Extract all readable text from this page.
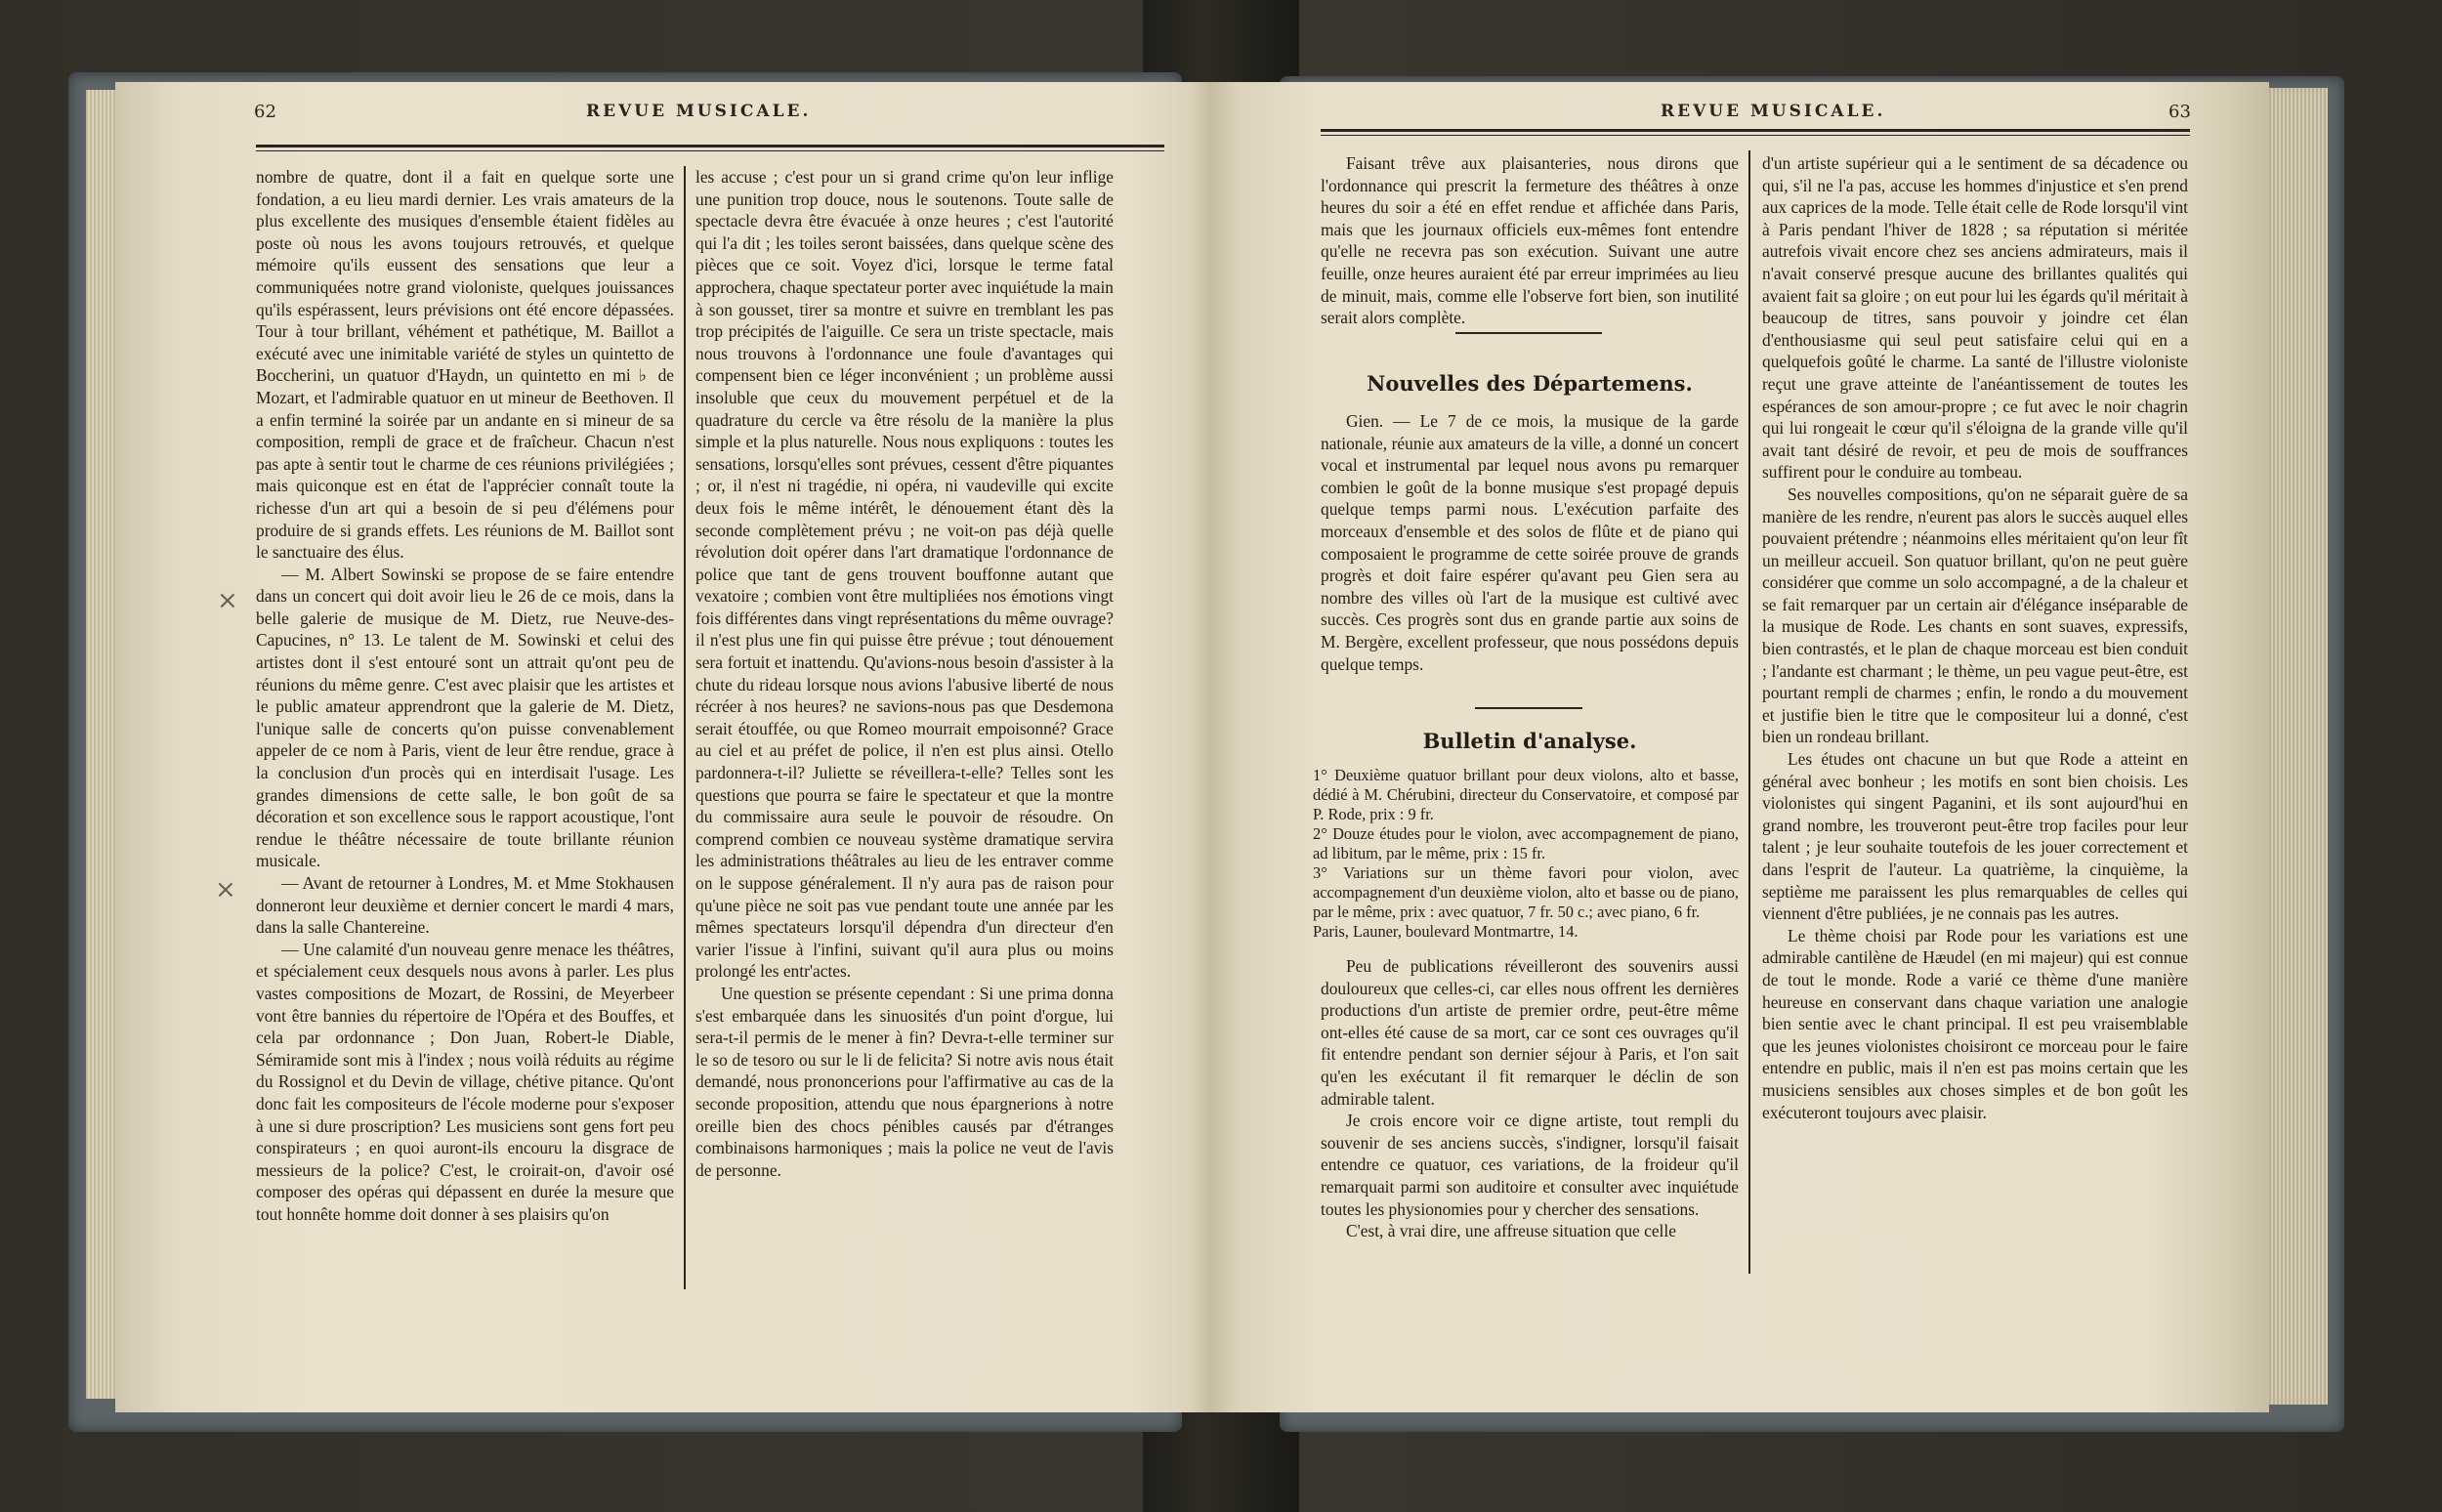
62	REVUE MUSICALE.

nombre de quatre, dont il a fait en quelque sorte une fondation, a eu lieu mardi dernier. Les vrais amateurs de la plus excellente des musiques d'ensemble étaient fidèles au poste où nous les avons toujours retrouvés, et quelque mémoire qu'ils eussent des sensations que leur a communiquées notre grand violoniste, quelques jouissances qu'ils espérassent, leurs prévisions ont été encore dépassées. Tour à tour brillant, véhément et pathétique, M. Baillot a exécuté avec une inimitable variété de styles un quintetto de Boccherini, un quatuor d'Haydn, un quintetto en mi ♭ de Mozart, et l'admirable quatuor en ut mineur de Beethoven. Il a enfin terminé la soirée par un andante en si mineur de sa composition, rempli de grace et de fraîcheur. Chacun n'est pas apte à sentir tout le charme de ces réunions privilégiées ; mais quiconque est en état de l'apprécier connaît toute la richesse d'un art qui a besoin de si peu d'élémens pour produire de si grands effets. Les réunions de M. Baillot sont le sanctuaire des élus.

— M. Albert Sowinski se propose de se faire entendre dans un concert qui doit avoir lieu le 26 de ce mois, dans la belle galerie de musique de M. Dietz, rue Neuve-des-Capucines, n° 13. Le talent de M. Sowinski et celui des artistes dont il s'est entouré sont un attrait qu'ont peu de réunions du même genre. C'est avec plaisir que les artistes et le public amateur apprendront que la galerie de M. Dietz, l'unique salle de concerts qu'on puisse convenablement appeler de ce nom à Paris, vient de leur être rendue, grace à la conclusion d'un procès qui en interdisait l'usage. Les grandes dimensions de cette salle, le bon goût de sa décoration et son excellence sous le rapport acoustique, l'ont rendue le théâtre nécessaire de toute brillante réunion musicale.

— Avant de retourner à Londres, M. et Mme Stokhausen donneront leur deuxième et dernier concert le mardi 4 mars, dans la salle Chantereine.

— Une calamité d'un nouveau genre menace les théâtres, et spécialement ceux desquels nous avons à parler. Les plus vastes compositions de Mozart, de Rossini, de Meyerbeer vont être bannies du répertoire de l'Opéra et des Bouffes, et cela par ordonnance ; Don Juan, Robert-le Diable, Sémiramide sont mis à l'index ; nous voilà réduits au régime du Rossignol et du Devin de village, chétive pitance. Qu'ont donc fait les compositeurs de l'école moderne pour s'exposer à une si dure proscription? Les musiciens sont gens fort peu conspirateurs ; en quoi auront-ils encouru la disgrace de messieurs de la police? C'est, le croirait-on, d'avoir osé composer des opéras qui dépassent en durée la mesure que tout honnête homme doit donner à ses plaisirs qu'on

les accuse ; c'est pour un si grand crime qu'on leur inflige une punition trop douce, nous le soutenons. Toute salle de spectacle devra être évacuée à onze heures ; c'est l'autorité qui l'a dit ; les toiles seront baissées, dans quelque scène des pièces que ce soit. Voyez d'ici, lorsque le terme fatal approchera, chaque spectateur porter avec inquiétude la main à son gousset, tirer sa montre et suivre en tremblant les pas trop précipités de l'aiguille. Ce sera un triste spectacle, mais nous trouvons à l'ordonnance une foule d'avantages qui compensent bien ce léger inconvénient ; un problème aussi insoluble que ceux du mouvement perpétuel et de la quadrature du cercle va être résolu de la manière la plus simple et la plus naturelle. Nous nous expliquons : toutes les sensations, lorsqu'elles sont prévues, cessent d'être piquantes ; or, il n'est ni tragédie, ni opéra, ni vaudeville qui excite deux fois le même intérêt, le dénouement étant dès la seconde complètement prévu ; ne voit-on pas déjà quelle révolution doit opérer dans l'art dramatique l'ordonnance de police que tant de gens trouvent bouffonne autant que vexatoire ; combien vont être multipliées nos émotions vingt fois différentes dans vingt représentations du même ouvrage? il n'est plus une fin qui puisse être prévue ; tout dénouement sera fortuit et inattendu. Qu'avions-nous besoin d'assister à la chute du rideau lorsque nous avions l'abusive liberté de nous récréer à nos heures? ne savions-nous pas que Desdemona serait étouffée, ou que Romeo mourrait empoisonné? Grace au ciel et au préfet de police, il n'en est plus ainsi. Otello pardonnera-t-il? Juliette se réveillera-t-elle? Telles sont les questions que pourra se faire le spectateur et que la montre du commissaire aura seule le pouvoir de résoudre. On comprend combien ce nouveau système dramatique servira les administrations théâtrales au lieu de les entraver comme on le suppose généralement. Il n'y aura pas de raison pour qu'une pièce ne soit pas vue pendant toute une année par les mêmes spectateurs lorsqu'il dépendra d'un directeur d'en varier l'issue à l'infini, suivant qu'il aura plus ou moins prolongé les entr'actes.

Une question se présente cependant : Si une prima donna s'est embarquée dans les sinuosités d'un point d'orgue, lui sera-t-il permis de le mener à fin? Devra-t-elle terminer sur le so de tesoro ou sur le li de felicita? Si notre avis nous était demandé, nous prononcerions pour l'affirmative au cas de la seconde proposition, attendu que nous épargnerions à notre oreille bien des chocs pénibles causés par d'étranges combinaisons harmoniques ; mais la police ne veut de l'avis de personne.

×
×
REVUE MUSICALE.	63

Faisant trêve aux plaisanteries, nous dirons que l'ordonnance qui prescrit la fermeture des théâtres à onze heures du soir a été en effet rendue et affichée dans Paris, mais que les journaux officiels eux-mêmes font entendre qu'elle ne recevra pas son exécution. Suivant une autre feuille, onze heures auraient été par erreur imprimées au lieu de minuit, mais, comme elle l'observe fort bien, son inutilité serait alors complète.

Nouvelles des Départemens.

Gien. — Le 7 de ce mois, la musique de la garde nationale, réunie aux amateurs de la ville, a donné un concert vocal et instrumental par lequel nous avons pu remarquer combien le goût de la bonne musique s'est propagé depuis quelque temps parmi nous. L'exécution parfaite des morceaux d'ensemble et des solos de flûte et de piano qui composaient le programme de cette soirée prouve de grands progrès et doit faire espérer qu'avant peu Gien sera au nombre des villes où l'art de la musique est cultivé avec succès. Ces progrès sont dus en grande partie aux soins de M. Bergère, excellent professeur, que nous possédons depuis quelque temps.

Bulletin d'analyse.

1° Deuxième quatuor brillant pour deux violons, alto et basse, dédié à M. Chérubini, directeur du Conservatoire, et composé par P. Rode, prix : 9 fr.

2° Douze études pour le violon, avec accompagnement de piano, ad libitum, par le même, prix : 15 fr.

3° Variations sur un thème favori pour violon, avec accompagnement d'un deuxième violon, alto et basse ou de piano, par le même, prix : avec quatuor, 7 fr. 50 c.; avec piano, 6 fr.

Paris, Launer, boulevard Montmartre, 14.

Peu de publications réveilleront des souvenirs aussi douloureux que celles-ci, car elles nous offrent les dernières productions d'un artiste de premier ordre, peut-être même ont-elles été cause de sa mort, car ce sont ces ouvrages qu'il fit entendre pendant son dernier séjour à Paris, et l'on sait qu'en les exécutant il fit remarquer le déclin de son admirable talent.

Je crois encore voir ce digne artiste, tout rempli du souvenir de ses anciens succès, s'indigner, lorsqu'il faisait entendre ce quatuor, ces variations, de la froideur qu'il remarquait parmi son auditoire et consulter avec inquiétude toutes les physionomies pour y chercher des sensations.

C'est, à vrai dire, une affreuse situation que celle

d'un artiste supérieur qui a le sentiment de sa décadence ou qui, s'il ne l'a pas, accuse les hommes d'injustice et s'en prend aux caprices de la mode. Telle était celle de Rode lorsqu'il vint à Paris pendant l'hiver de 1828 ; sa réputation si méritée autrefois vivait encore chez ses anciens admirateurs, mais il n'avait conservé presque aucune des brillantes qualités qui avaient fait sa gloire ; on eut pour lui les égards qu'il méritait à beaucoup de titres, sans pouvoir y joindre cet élan d'enthousiasme qui seul peut satisfaire celui qui en a quelquefois goûté le charme. La santé de l'illustre violoniste reçut une grave atteinte de l'anéantissement de toutes les espérances de son amour-propre ; ce fut avec le noir chagrin qui lui rongeait le cœur qu'il s'éloigna de la grande ville qu'il avait tant désiré de revoir, et peu de mois de souffrances suffirent pour le conduire au tombeau.

Ses nouvelles compositions, qu'on ne séparait guère de sa manière de les rendre, n'eurent pas alors le succès auquel elles pouvaient prétendre ; néanmoins elles méritaient qu'on leur fît un meilleur accueil. Son quatuor brillant, qu'on ne peut guère considérer que comme un solo accompagné, a de la chaleur et se fait remarquer par un certain air d'élégance inséparable de la musique de Rode. Les chants en sont suaves, expressifs, bien contrastés, et le plan de chaque morceau est bien conduit ; l'andante est charmant ; le thème, un peu vague peut-être, est pourtant rempli de charmes ; enfin, le rondo a du mouvement et justifie bien le titre que le compositeur lui a donné, c'est bien un rondeau brillant.

Les études ont chacune un but que Rode a atteint en général avec bonheur ; les motifs en sont bien choisis. Les violonistes qui singent Paganini, et ils sont aujourd'hui en grand nombre, les trouveront peut-être trop faciles pour leur talent ; je leur souhaite toutefois de les jouer correctement et dans l'esprit de l'auteur. La quatrième, la cinquième, la septième me paraissent les plus remarquables de celles qui viennent d'être publiées, je ne connais pas les autres.

Le thème choisi par Rode pour les variations est une admirable cantilène de Hæudel (en mi majeur) qui est connue de tout le monde. Rode a varié ce thème d'une manière heureuse en conservant dans chaque variation une analogie bien sentie avec le chant principal. Il est peu vraisemblable que les jeunes violonistes choisiront ce morceau pour le faire entendre en public, mais il n'en est pas moins certain que les musiciens sensibles aux choses simples et de bon goût les exécuteront toujours avec plaisir.
